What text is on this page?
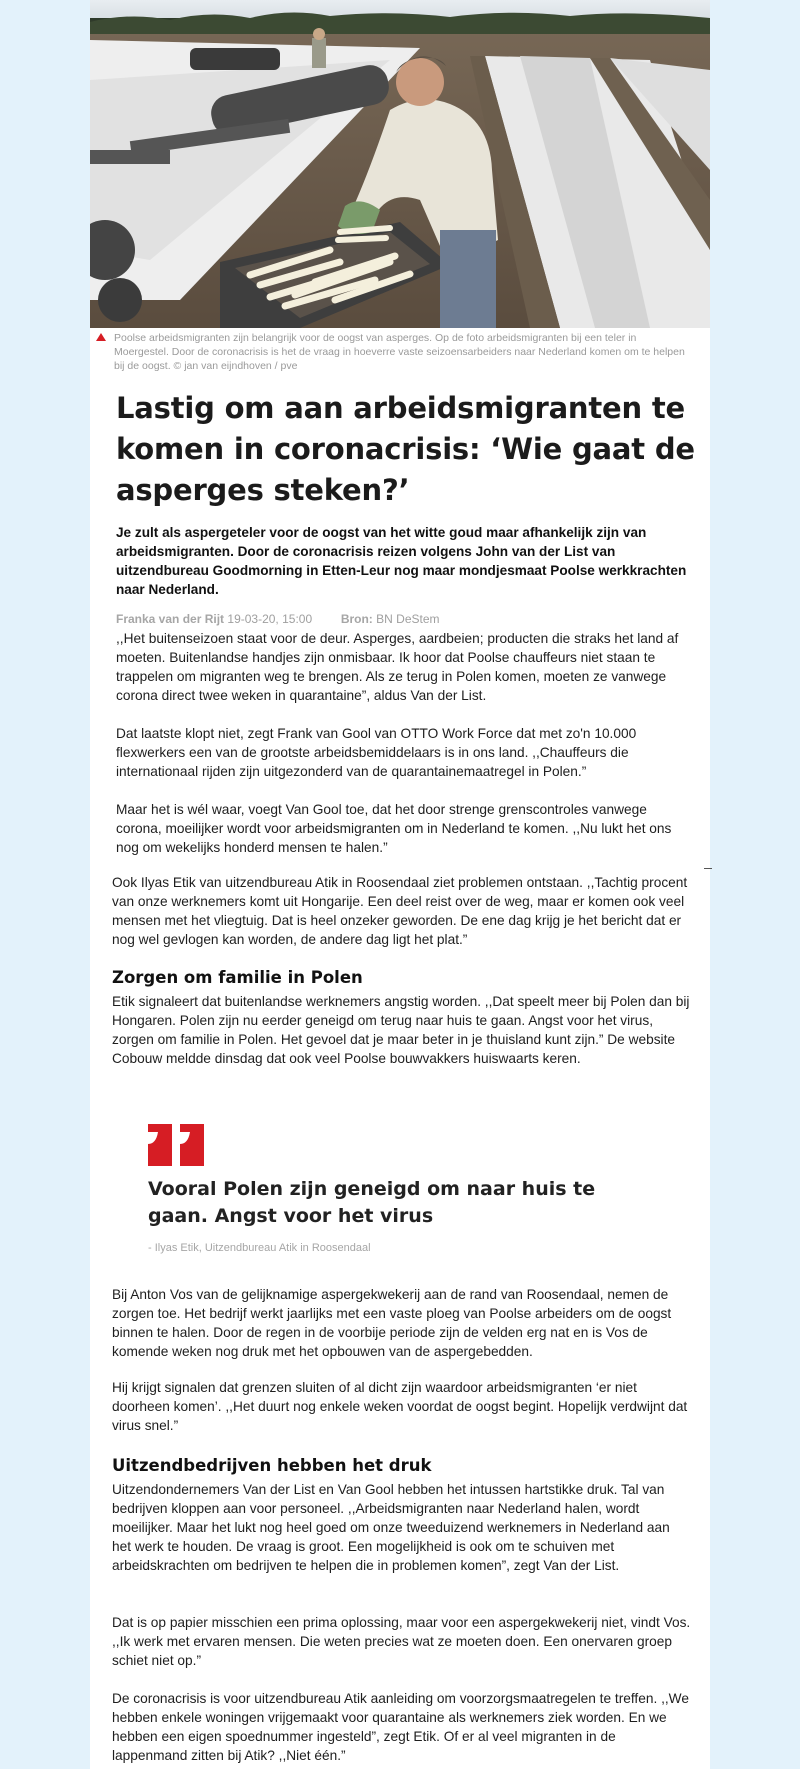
Poolse arbeidsmigranten zijn belangrijk voor de oogst van asperges. Op de foto arbeidsmigranten bij een teler in Moergestel. Door de coronacrisis is het de vraag in hoeverre vaste seizoensarbeiders naar Nederland komen om te helpen bij de oogst. © jan van eijndhoven / pve
Lastig om aan arbeidsmigranten te komen in coronacrisis: ‘Wie gaat de asperges steken?’

Je zult als aspergeteler voor de oogst van het witte goud maar afhankelijk zijn van arbeidsmigranten. Door de coronacrisis reizen volgens John van der List van uitzendbureau Goodmorning in Etten-Leur nog maar mondjesmaat Poolse werkkrachten naar Nederland.

Franka van der Rijt 19-03-20, 15:00 Bron: BN DeStem

,,Het buitenseizoen staat voor de deur. Asperges, aardbeien; producten die straks het land af moeten. Buitenlandse handjes zijn onmisbaar. Ik hoor dat Poolse chauffeurs niet staan te trappelen om migranten weg te brengen. Als ze terug in Polen komen, moeten ze vanwege corona direct twee weken in quarantaine”, aldus Van der List.

Dat laatste klopt niet, zegt Frank van Gool van OTTO Work Force dat met zo'n 10.000 flexwerkers een van de grootste arbeidsbemiddelaars is in ons land. ,,Chauffeurs die internationaal rijden zijn uitgezonderd van de quarantainemaatregel in Polen.”

Maar het is wél waar, voegt Van Gool toe, dat het door strenge grenscontroles vanwege corona, moeilijker wordt voor arbeidsmigranten om in Nederland te komen. ,,Nu lukt het ons nog om wekelijks honderd mensen te halen.”

Ook Ilyas Etik van uitzendbureau Atik in Roosendaal ziet problemen ontstaan. ,,Tachtig procent van onze werknemers komt uit Hongarije. Een deel reist over de weg, maar er komen ook veel mensen met het vliegtuig. Dat is heel onzeker geworden. De ene dag krijg je het bericht dat er nog wel gevlogen kan worden, de andere dag ligt het plat.”

Zorgen om familie in Polen

Etik signaleert dat buitenlandse werknemers angstig worden. ,,Dat speelt meer bij Polen dan bij Hongaren. Polen zijn nu eerder geneigd om terug naar huis te gaan. Angst voor het virus, zorgen om familie in Polen. Het gevoel dat je maar beter in je thuisland kunt zijn.” De website Cobouw meldde dinsdag dat ook veel Poolse bouwvakkers huiswaarts keren.

Vooral Polen zijn geneigd om naar huis te gaan. Angst voor het virus

- Ilyas Etik, Uitzendbureau Atik in Roosendaal

Bij Anton Vos van de gelijknamige aspergekwekerij aan de rand van Roosendaal, nemen de zorgen toe. Het bedrijf werkt jaarlijks met een vaste ploeg van Poolse arbeiders om de oogst binnen te halen. Door de regen in de voorbije periode zijn de velden erg nat en is Vos de komende weken nog druk met het opbouwen van de aspergebedden.

Hij krijgt signalen dat grenzen sluiten of al dicht zijn waardoor arbeidsmigranten ‘er niet doorheen komen’. ,,Het duurt nog enkele weken voordat de oogst begint. Hopelijk verdwijnt dat virus snel.”

Uitzendbedrijven hebben het druk

Uitzendondernemers Van der List en Van Gool hebben het intussen hartstikke druk. Tal van bedrijven kloppen aan voor personeel. ,,Arbeidsmigranten naar Nederland halen, wordt moeilijker. Maar het lukt nog heel goed om onze tweeduizend werknemers in Nederland aan het werk te houden. De vraag is groot. Een mogelijkheid is ook om te schuiven met arbeidskrachten om bedrijven te helpen die in problemen komen”, zegt Van der List.

Dat is op papier misschien een prima oplossing, maar voor een aspergekwekerij niet, vindt Vos. ,,Ik werk met ervaren mensen. Die weten precies wat ze moeten doen. Een onervaren groep schiet niet op.”

De coronacrisis is voor uitzendbureau Atik aanleiding om voorzorgsmaatregelen te treffen. ,,We hebben enkele woningen vrijgemaakt voor quarantaine als werknemers ziek worden. En we hebben een eigen spoednummer ingesteld”, zegt Etik. Of er al veel migranten in de lappenmand zitten bij Atik? ,,Niet één.”
